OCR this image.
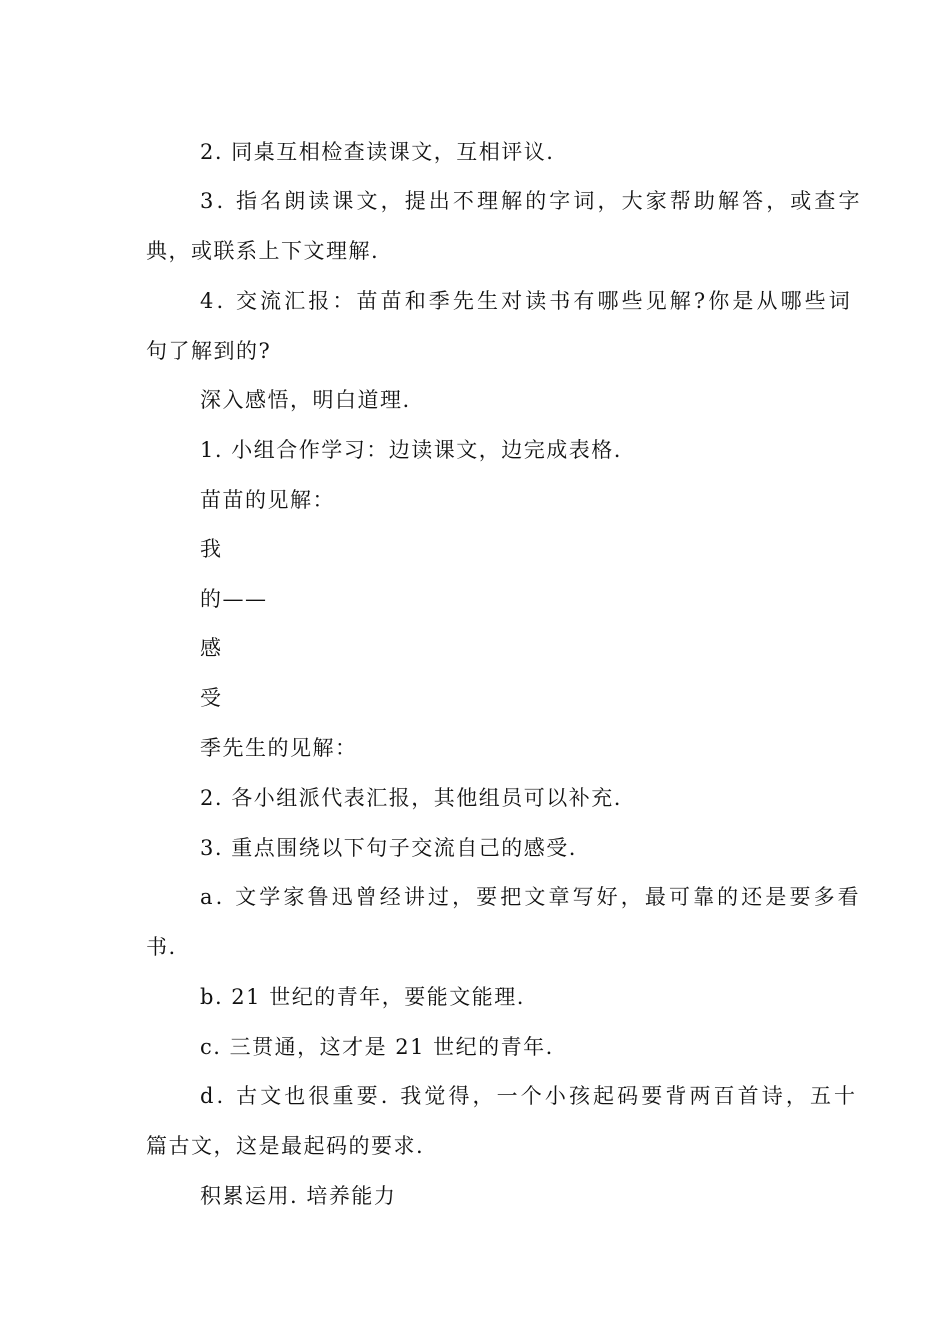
2. 同桌互相检查读课文，互相评议.
3. 指名朗读课文，提出不理解的字词，大家帮助解答，或查字
典，或联系上下文理解.
4. 交流汇报：苗苗和季先生对读书有哪些见解?你是从哪些词
句了解到的?
深入感悟，明白道理.
1. 小组合作学习：边读课文，边完成表格.
苗苗的见解：
我
的——
感
受
季先生的见解：
2. 各小组派代表汇报，其他组员可以补充.
3. 重点围绕以下句子交流自己的感受.
a. 文学家鲁迅曾经讲过，要把文章写好，最可靠的还是要多看
书.
b. 21 世纪的青年，要能文能理.
c. 三贯通，这才是 21 世纪的青年.
d. 古文也很重要. 我觉得，一个小孩起码要背两百首诗，五十
篇古文，这是最起码的要求.
积累运用. 培养能力
